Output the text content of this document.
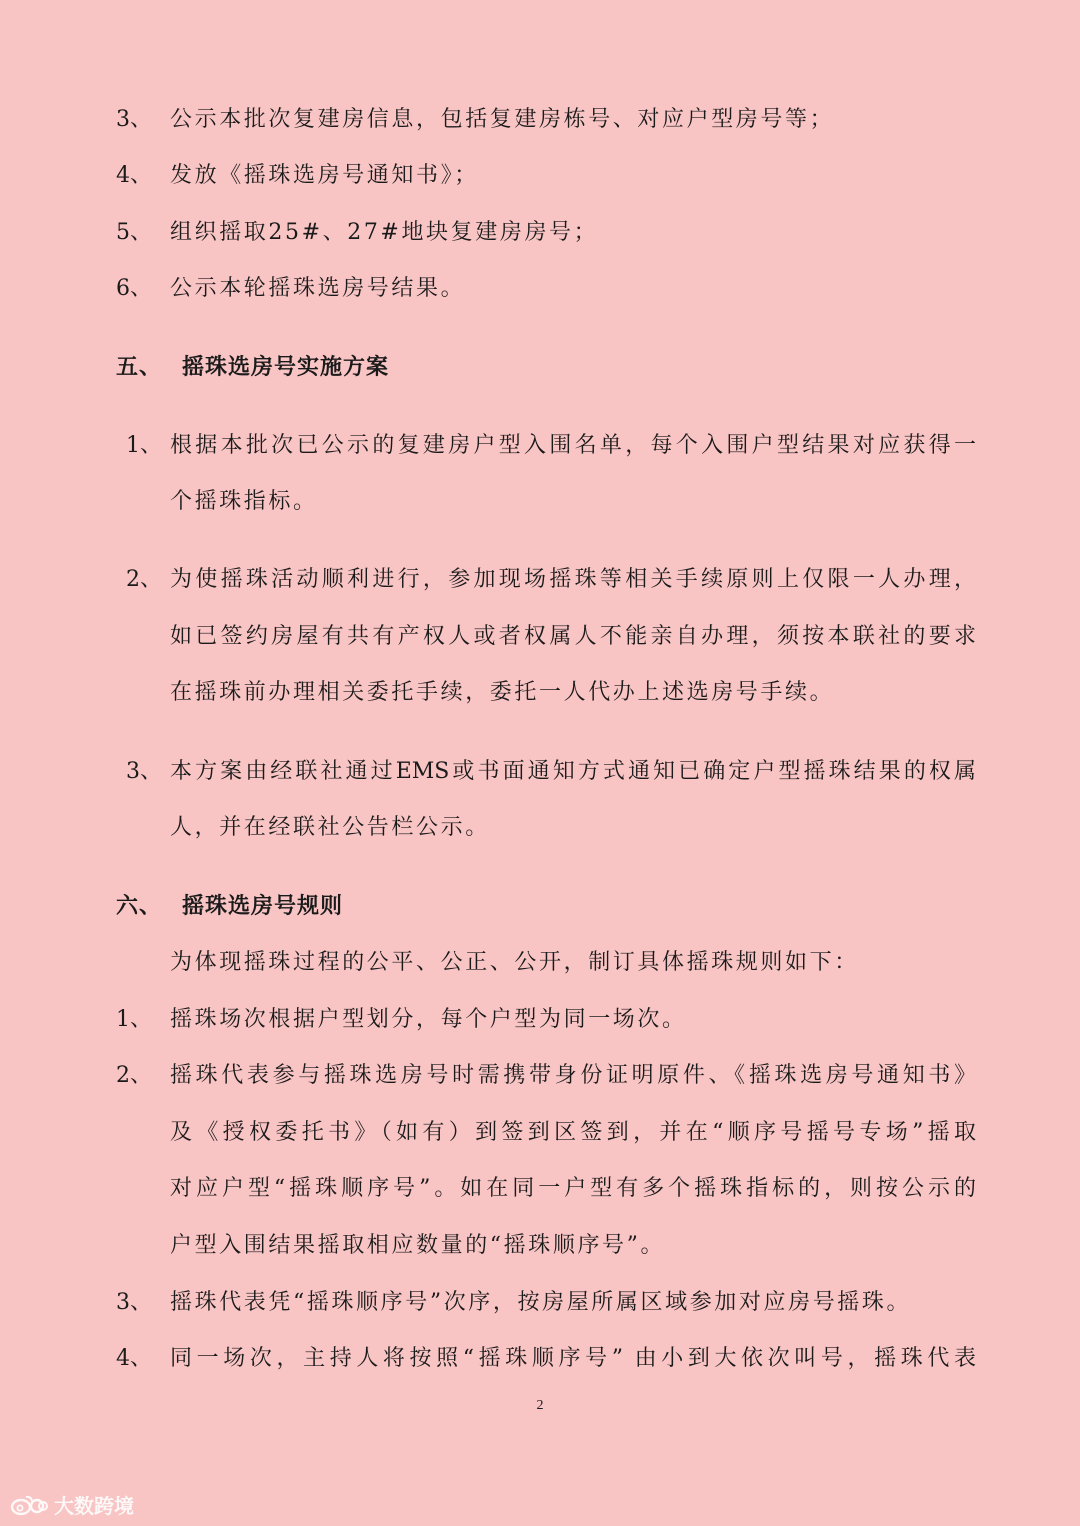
3、 公示本批次复建房信息，包括复建房栋号、对应户型房号等；
4、 发放《摇珠选房号通知书》；
5、 组织摇取25#、27#地块复建房房号；
6、 公示本轮摇珠选房号结果。
五、 摇珠选房号实施方案
1、 根据本批次已公示的复建房户型入围名单，每个入围户型结果对应获得一
个摇珠指标。
2、 为使摇珠活动顺利进行，参加现场摇珠等相关手续原则上仅限一人办理，
如已签约房屋有共有产权人或者权属人不能亲自办理，须按本联社的要求
在摇珠前办理相关委托手续，委托一人代办上述选房号手续。
3、 本方案由经联社通过EMS或书面通知方式通知已确定户型摇珠结果的权属
人，并在经联社公告栏公示。
六、 摇珠选房号规则
为体现摇珠过程的公平、公正、公开，制订具体摇珠规则如下：
1、 摇珠场次根据户型划分，每个户型为同一场次。
2、 摇珠代表参与摇珠选房号时需携带身份证明原件、《摇珠选房号通知书》
及《授权委托书》（如有）到签到区签到，并在“顺序号摇号专场”摇取
对应户型“摇珠顺序号”。如在同一户型有多个摇珠指标的，则按公示的
户型入围结果摇取相应数量的“摇珠顺序号”。
3、 摇珠代表凭“摇珠顺序号”次序，按房屋所属区域参加对应房号摇珠。
4、 同一场次，主持人将按照“摇珠顺序号” 由小到大依次叫号，摇珠代表
2
大数跨境
